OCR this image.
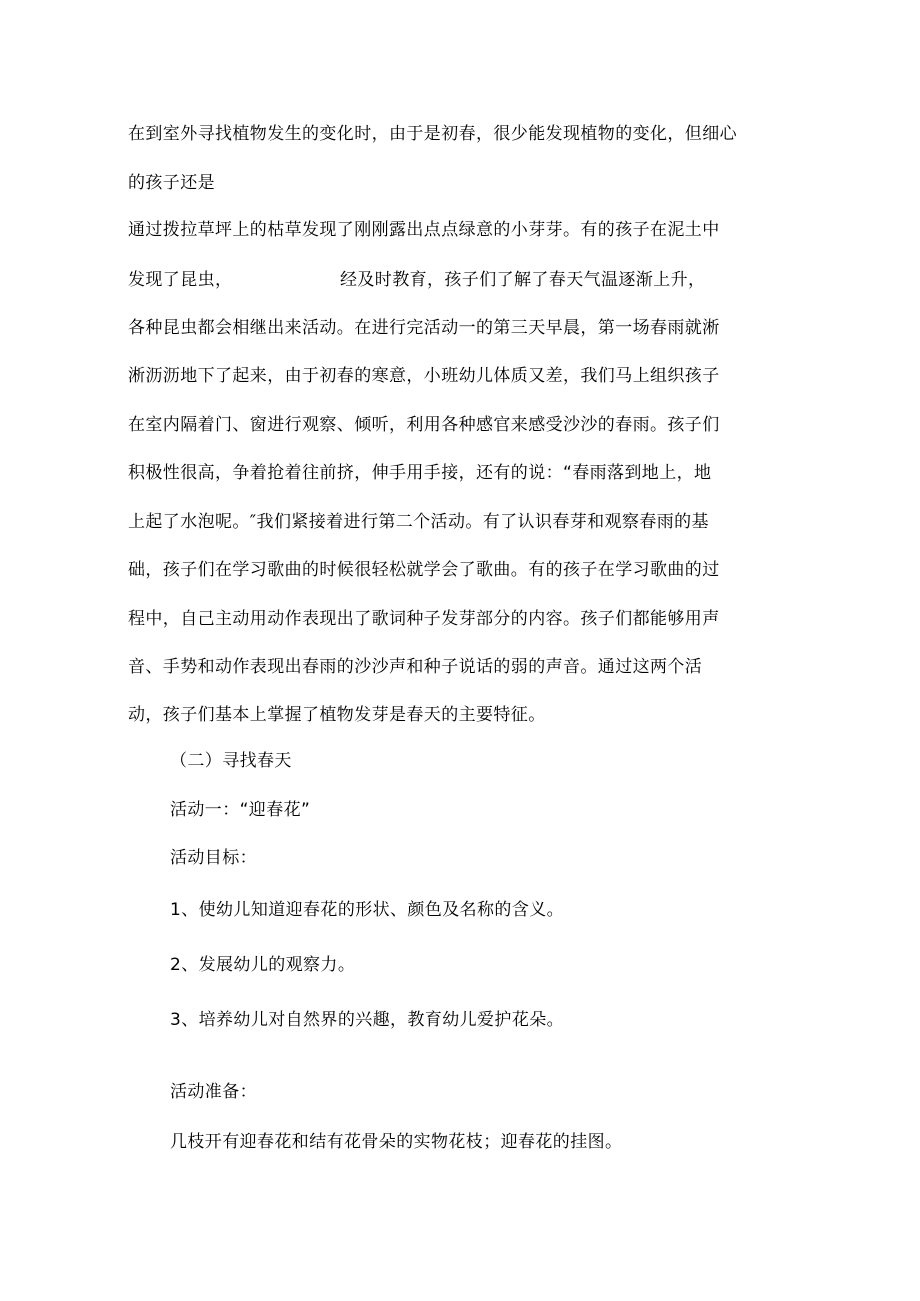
在到室外寻找植物发生的变化时，由于是初春，很少能发现植物的变化，但细心
的孩子还是
通过拨拉草坪上的枯草发现了刚刚露出点点绿意的小芽芽。有的孩子在泥土中
发现了昆虫，	经及时教育，孩子们了解了春天气温逐渐上升，
各种昆虫都会相继出来活动。在进行完活动一的第三天早晨，第一场春雨就淅
淅沥沥地下了起来，由于初春的寒意，小班幼儿体质又差，我们马上组织孩子
在室内隔着门、窗进行观察、倾听，利用各种感官来感受沙沙的春雨。孩子们
积极性很高，争着抢着往前挤，伸手用手接，还有的说：“春雨落到地上，地
上起了水泡呢。″我们紧接着进行第二个活动。有了认识春芽和观察春雨的基
础，孩子们在学习歌曲的时候很轻松就学会了歌曲。有的孩子在学习歌曲的过
程中，自己主动用动作表现出了歌词种子发芽部分的内容。孩子们都能够用声
音、手势和动作表现出春雨的沙沙声和种子说话的弱的声音。通过这两个活
动，孩子们基本上掌握了植物发芽是春天的主要特征。
（二）寻找春天
活动一：“迎春花”
活动目标：
1、使幼儿知道迎春花的形状、颜色及名称的含义。
2、发展幼儿的观察力。
3、培养幼儿对自然界的兴趣，教育幼儿爱护花朵。
活动准备：
几枝开有迎春花和结有花骨朵的实物花枝；迎春花的挂图。
